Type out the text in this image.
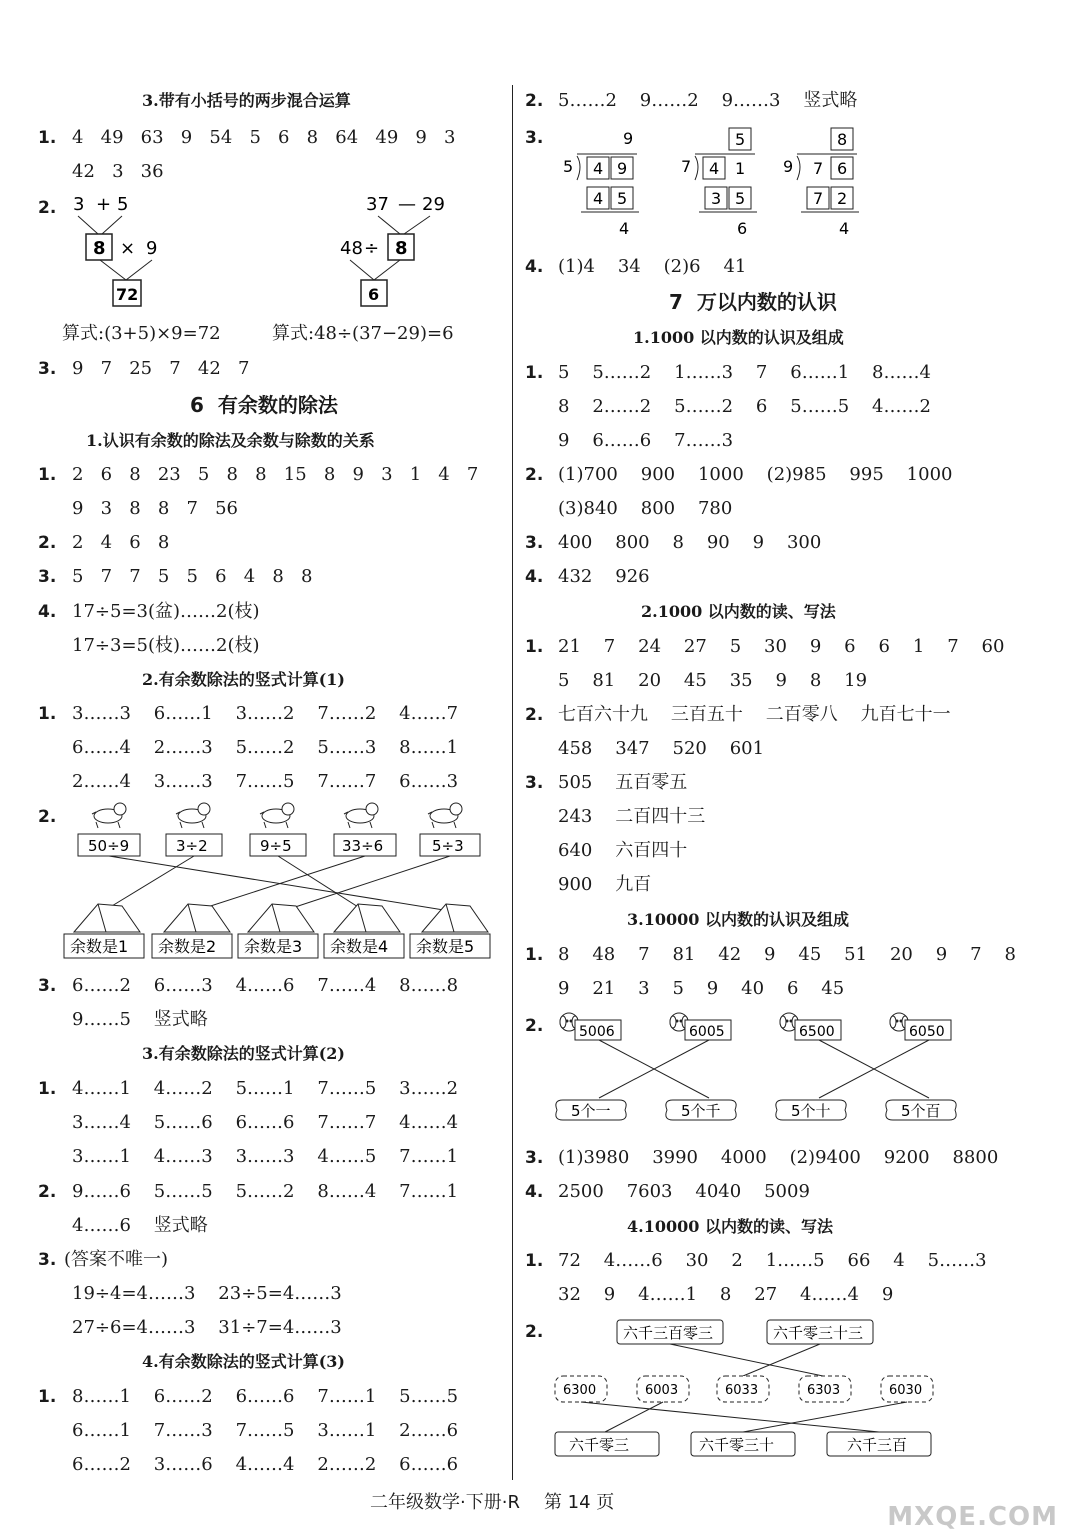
3.带有小括号的两步混合运算
1. 4   49   63   9   54   5   6   8   64   49   9   3
42   3   36
2. 3 + 5
8 × 9
72
37 — 29
48 ÷ 8
6
算式:(3+5)×9=72	算式:48÷(37−29)=6
3. 9   7   25   7   42   7
6  有余数的除法
1.认识有余数的除法及余数与除数的关系
1. 2   6   8   23   5   8   8   15   8   9   3   1   4   7
9   3   8   8   7   56
2. 2   4   6   8
3. 5   7   7   5   5   6   4   8   8
4. 17÷5=3(盆)……2(枝)
17÷3=5(枝)……2(枝)
2.有余数除法的竖式计算(1)
1. 3……3    6……1    3……2    7……2    4……7
6……4    2……3    5……2    5……3    8……1
2……4    3……3    7……5    7……7    6……3
2.
50÷9	3÷2	9÷5	33÷6	5÷3
余数是1 余数是2 余数是3 余数是4 余数是5
3. 6……2    6……3    4……6    7……4    8……8
9……5    竖式略
3.有余数除法的竖式计算(2)
1. 4……1    4……2    5……1    7……5    3……2
3……4    5……6    6……6    7……7    4……4
3……1    4……3    3……3    4……5    7……1
2. 9……6    5……5    5……2    8……4    7……1
4……6    竖式略
3. (答案不唯一)
19÷4=4……3    23÷5=4……3
27÷6=4……3    31÷7=4……3
4.有余数除法的竖式计算(3)
1. 8……1    6……2    6……6    7……1    5……5
6……1    7……3    7……5    3……1    2……6
6……2    3……6    4……4    2……2    6……6
2. 5……2    9……2    9……3    竖式略
3.	9
5 4 9
4 5
4
5
7 4 1
3 5
6
8
9 7 6
7 2
4
4. (1)4    34    (2)6    41
7  万以内数的认识
1.1000 以内数的认识及组成
1. 5    5……2    1……3    7    6……1    8……4
8    2……2    5……2    6    5……5    4……2
9    6……6    7……3
2. (1)700    900    1000    (2)985    995    1000
(3)840    800    780
3. 400    800    8    90    9    300
4. 432    926
2.1000 以内数的读、写法
1. 21    7    24    27    5    30    9    6    6    1    7    60
5    81    20    45    35    9    8    19
2. 七百六十九    三百五十    二百零八    九百七十一
458    347    520    601
3. 505    五百零五
243    二百四十三
640    六百四十
900    九百
3.10000 以内数的认识及组成
1. 8    48    7    81    42    9    45    51    20    9    7    8
9    21    3    5    9    40    6    45
2.	5006	6005	6500	6050
5个一	5个千	5个十	5个百
3. (1)3980    3990    4000    (2)9400    9200    8800
4. 2500    7603    4040    5009
4.10000 以内数的读、写法
1. 72    4……6    30    2    1……5    66    4    5……3
32    9    4……1    8    27    4……4    9
2.	六千三百零三	六千零三十三
6300	6003	6033	6303	6030
六千零三	六千零三十	六千三百
二年级数学·下册·R 第 14 页	MXQE.COM
